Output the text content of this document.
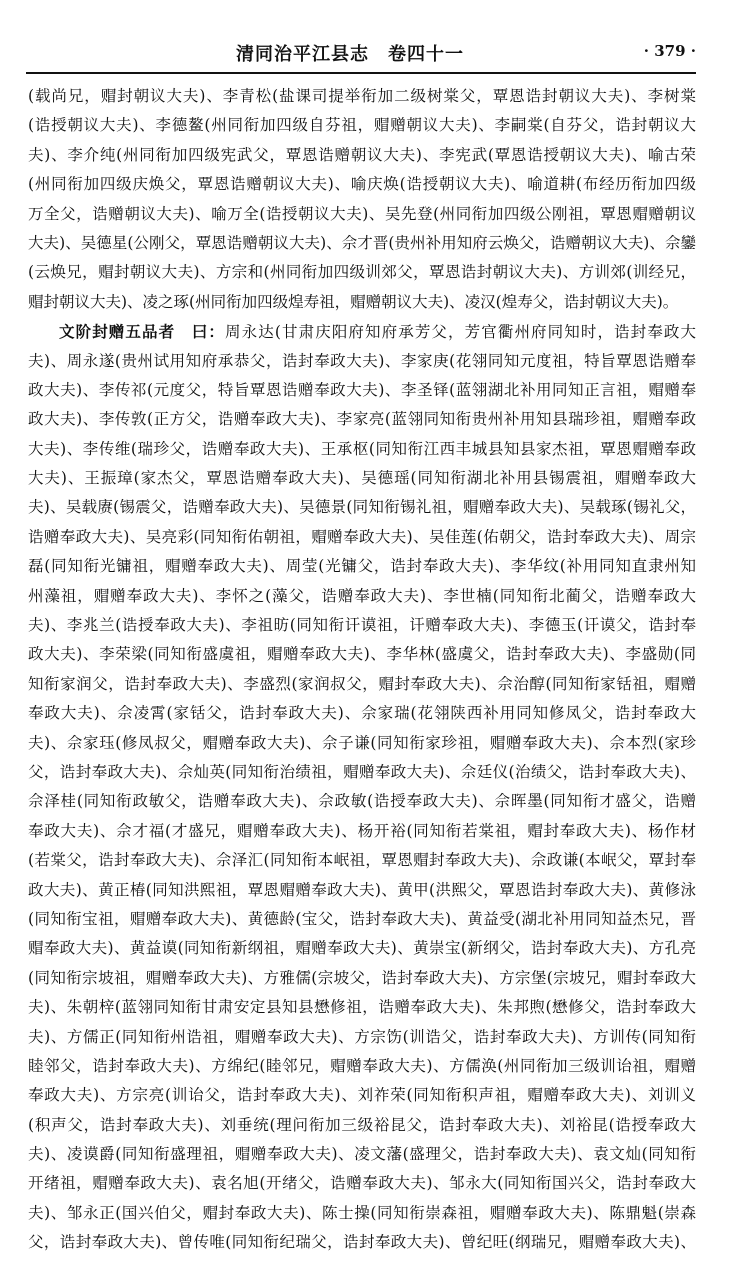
清同治平江县志　卷四十一	· 379 ·
(载尚兄，赗封朝议大夫)、李青松(盐课司提举衔加二级树棠父，覃恩诰封朝议大夫)、李树棠
(诰授朝议大夫)、李德鳌(州同衔加四级自芬祖，赗赠朝议大夫)、李嗣棠(自芬父，诰封朝议大
夫)、李介纯(州同衔加四级宪武父，覃恩诰赠朝议大夫)、李宪武(覃恩诰授朝议大夫)、喻古荣
(州同衔加四级庆焕父，覃恩诰赠朝议大夫)、喻庆焕(诰授朝议大夫)、喻道耕(布经历衔加四级
万全父，诰赠朝议大夫)、喻万全(诰授朝议大夫)、吴先登(州同衔加四级公刚祖，覃恩赗赠朝议
大夫)、吴德星(公刚父，覃恩诰赠朝议大夫)、佘才晋(贵州补用知府云焕父，诰赠朝议大夫)、佘鑾
(云焕兄，赗封朝议大夫)、方宗和(州同衔加四级训郊父，覃恩诰封朝议大夫)、方训郊(训经兄，
赗封朝议大夫)、凌之琢(州同衔加四级煌寿祖，赗赠朝议大夫)、凌汉(煌寿父，诰封朝议大夫)。
文阶封赠五品者　曰：周永达(甘肃庆阳府知府承芳父，芳官衢州府同知时，诰封奉政大
夫)、周永遂(贵州试用知府承恭父，诰封奉政大夫)、李家庚(花翎同知元度祖，特旨覃恩诰赠奉
政大夫)、李传祁(元度父，特旨覃恩诰赠奉政大夫)、李圣铎(蓝翎湖北补用同知正言祖，赗赠奉
政大夫)、李传敦(正方父，诰赠奉政大夫)、李家亮(蓝翎同知衔贵州补用知县瑞珍祖，赗赠奉政
大夫)、李传维(瑞珍父，诰赠奉政大夫)、王承枢(同知衔江西丰城县知县家杰祖，覃恩赗赠奉政
大夫)、王振璋(家杰父，覃恩诰赠奉政大夫)、吴德瑶(同知衔湖北补用县锡震祖，赗赠奉政大
夫)、吴载赓(锡震父，诰赠奉政大夫)、吴德景(同知衔锡礼祖，赗赠奉政大夫)、吴载琢(锡礼父，
诰赠奉政大夫)、吴亮彩(同知衔佑朝祖，赗赠奉政大夫)、吴佳莲(佑朝父，诰封奉政大夫)、周宗
磊(同知衔光镛祖，赗赠奉政大夫)、周莹(光镛父，诰封奉政大夫)、李华纹(补用同知直隶州知
州藻祖，赗赠奉政大夫)、李怀之(藻父，诰赠奉政大夫)、李世楠(同知衔北蔺父，诰赠奉政大
夫)、李兆兰(诰授奉政大夫)、李祖昉(同知衔讦谟祖，讦赠奉政大夫)、李德玉(讦谟父，诰封奉
政大夫)、李荣梁(同知衔盛虞祖，赗赠奉政大夫)、李华林(盛虞父，诰封奉政大夫)、李盛勋(同
知衔家润父，诰封奉政大夫)、李盛烈(家润叔父，赗封奉政大夫)、佘治醇(同知衔家铦祖，赗赠
奉政大夫)、佘凌霄(家铦父，诰封奉政大夫)、佘家瑞(花翎陕西补用同知修凤父，诰封奉政大
夫)、佘家珏(修凤叔父，赗赠奉政大夫)、佘子谦(同知衔家珍祖，赗赠奉政大夫)、佘本烈(家珍
父，诰封奉政大夫)、佘灿英(同知衔治绩祖，赗赠奉政大夫)、佘廷仪(治绩父，诰封奉政大夫)、
佘泽桂(同知衔政敏父，诰赠奉政大夫)、佘政敏(诰授奉政大夫)、佘晖墨(同知衔才盛父，诰赠
奉政大夫)、佘才福(才盛兄，赗赠奉政大夫)、杨开裕(同知衔若棠祖，赗封奉政大夫)、杨作材
(若棠父，诰封奉政大夫)、佘泽汇(同知衔本岷祖，覃恩赗封奉政大夫)、佘政谦(本岷父，覃封奉
政大夫)、黄正椿(同知洪熙祖，覃恩赗赠奉政大夫)、黄甲(洪熙父，覃恩诰封奉政大夫)、黄修泳
(同知衔宝祖，赗赠奉政大夫)、黄德龄(宝父，诰封奉政大夫)、黄益受(湖北补用同知益杰兄，晋
赗奉政大夫)、黄益谟(同知衔新纲祖，赗赠奉政大夫)、黄崇宝(新纲父，诰封奉政大夫)、方孔亮
(同知衔宗坡祖，赗赠奉政大夫)、方雅儒(宗坡父，诰封奉政大夫)、方宗堡(宗坡兄，赗封奉政大
夫)、朱朝梓(蓝翎同知衔甘肃安定县知县懋修祖，诰赠奉政大夫)、朱邦煦(懋修父，诰封奉政大
夫)、方儒正(同知衔州诰祖，赗赠奉政大夫)、方宗饬(训诰父，诰封奉政大夫)、方训传(同知衔
睦邻父，诰封奉政大夫)、方绵纪(睦邻兄，赗赠奉政大夫)、方儒涣(州同衔加三级训诒祖，赗赠
奉政大夫)、方宗亮(训诒父，诰封奉政大夫)、刘祚荣(同知衔积声祖，赗赠奉政大夫)、刘训义
(积声父，诰封奉政大夫)、刘垂统(理问衔加三级裕昆父，诰封奉政大夫)、刘裕昆(诰授奉政大
夫)、凌谟爵(同知衔盛理祖，赗赠奉政大夫)、凌文藩(盛理父，诰封奉政大夫)、袁文灿(同知衔
开绪祖，赗赠奉政大夫)、袁名旭(开绪父，诰赠奉政大夫)、邹永大(同知衔国兴父，诰封奉政大
夫)、邹永正(国兴伯父，赗封奉政大夫)、陈士操(同知衔崇森祖，赗赠奉政大夫)、陈鼎魁(崇森
父，诰封奉政大夫)、曾传唯(同知衔纪瑞父，诰封奉政大夫)、曾纪旺(纲瑞兄，赗赠奉政大夫)、
